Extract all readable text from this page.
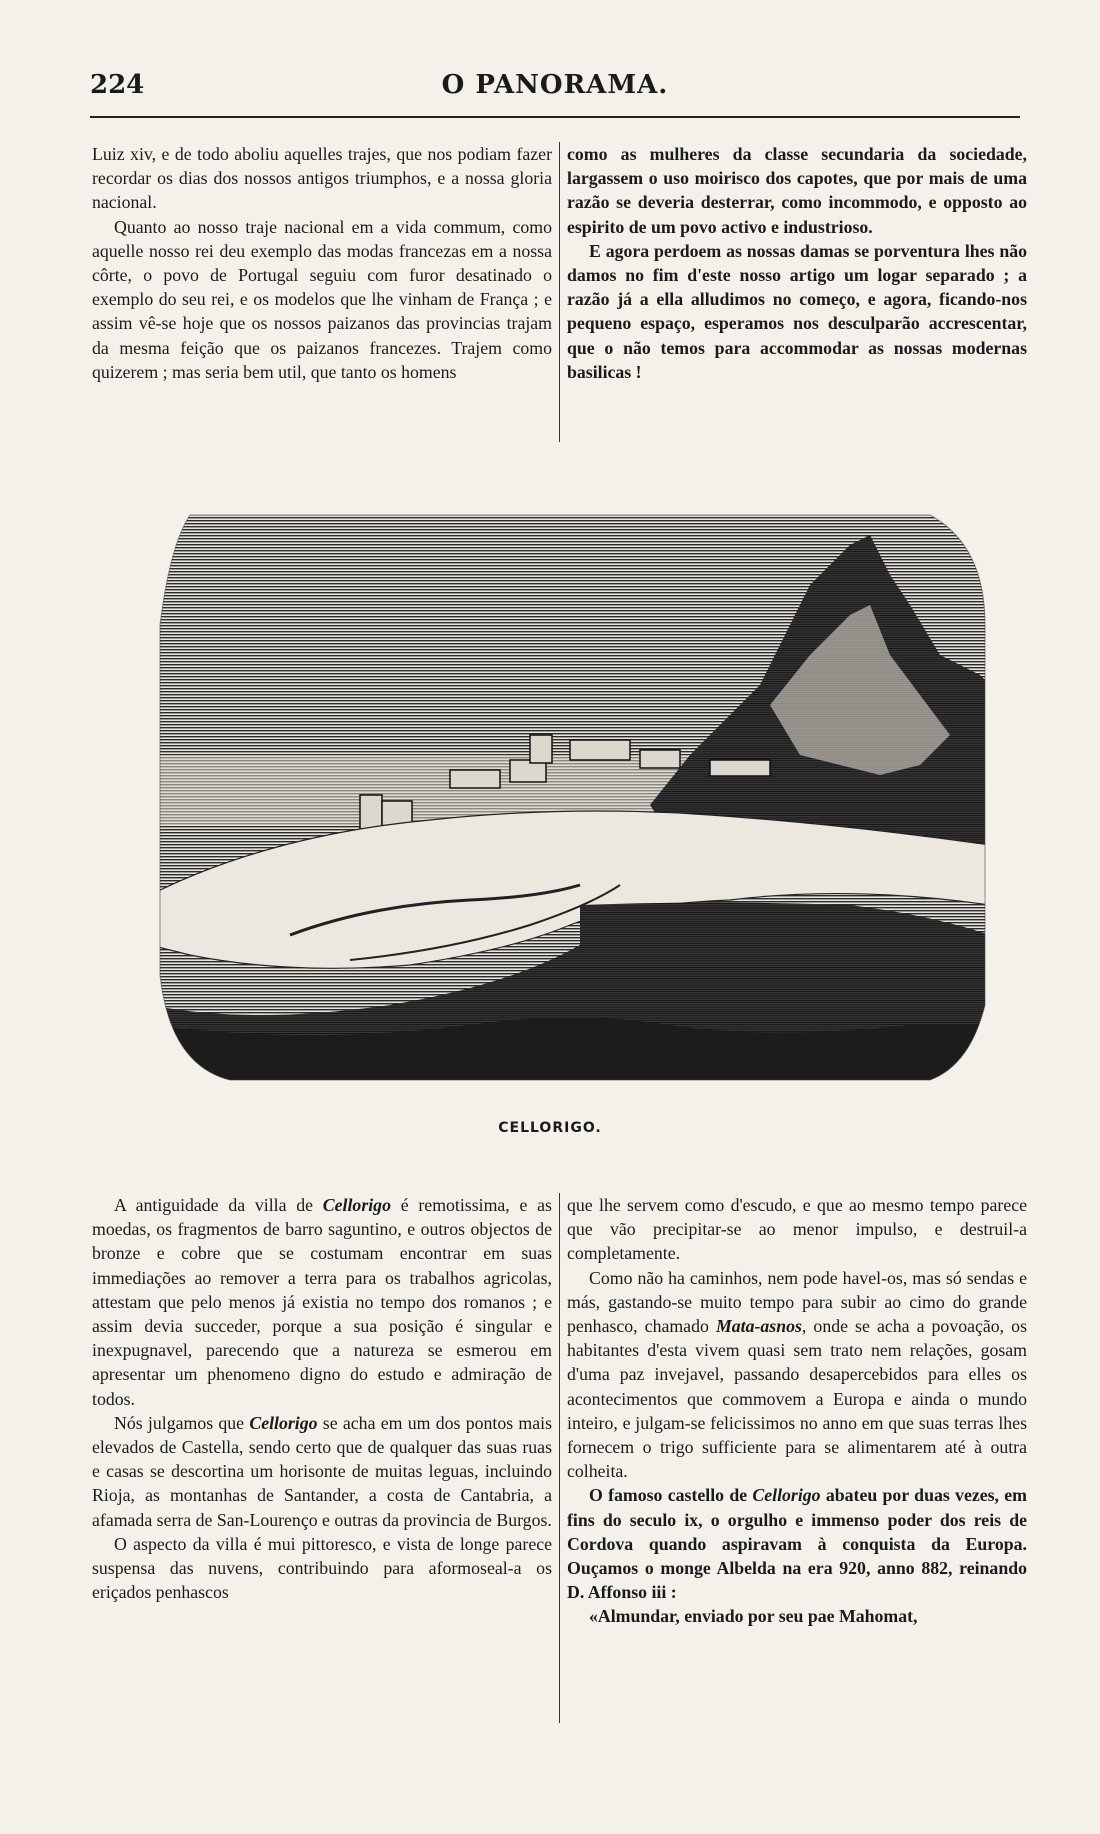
224	O PANORAMA.

Luiz xiv, e de todo aboliu aquelles trajes, que nos podiam fazer recordar os dias dos nossos antigos triumphos, e a nossa gloria nacional.

Quanto ao nosso traje nacional em a vida commum, como aquelle nosso rei deu exemplo das modas francezas em a nossa côrte, o povo de Portugal seguiu com furor desatinado o exemplo do seu rei, e os modelos que lhe vinham de França ; e assim vê-se hoje que os nossos paizanos das provincias trajam da mesma feição que os paizanos francezes. Trajem como quizerem ; mas seria bem util, que tanto os homens

como as mulheres da classe secundaria da sociedade, largassem o uso moirisco dos capotes, que por mais de uma razão se deveria desterrar, como incommodo, e opposto ao espirito de um povo activo e industrioso.

E agora perdoem as nossas damas se porventura lhes não damos no fim d'este nosso artigo um logar separado ; a razão já a ella alludimos no começo, e agora, ficando-nos pequeno espaço, esperamos nos desculparão accrescentar, que o não temos para accommodar as nossas modernas basilicas !

CELLORIGO.

A antiguidade da villa de Cellorigo é remotissima, e as moedas, os fragmentos de barro saguntino, e outros objectos de bronze e cobre que se costumam encontrar em suas immediações ao remover a terra para os trabalhos agricolas, attestam que pelo menos já existia no tempo dos romanos ; e assim devia succeder, porque a sua posição é singular e inexpugnavel, parecendo que a natureza se esmerou em apresentar um phenomeno digno do estudo e admiração de todos.

Nós julgamos que Cellorigo se acha em um dos pontos mais elevados de Castella, sendo certo que de qualquer das suas ruas e casas se descortina um horisonte de muitas leguas, incluindo Rioja, as montanhas de Santander, a costa de Cantabria, a afamada serra de San-Lourenço e outras da provincia de Burgos.

O aspecto da villa é mui pittoresco, e vista de longe parece suspensa das nuvens, contribuindo para aformoseal-a os eriçados penhascos

que lhe servem como d'escudo, e que ao mesmo tempo parece que vão precipitar-se ao menor impulso, e destruil-a completamente.

Como não ha caminhos, nem pode havel-os, mas só sendas e más, gastando-se muito tempo para subir ao cimo do grande penhasco, chamado Mata-asnos, onde se acha a povoação, os habitantes d'esta vivem quasi sem trato nem relações, gosam d'uma paz invejavel, passando desapercebidos para elles os acontecimentos que commovem a Europa e ainda o mundo inteiro, e julgam-se felicissimos no anno em que suas terras lhes fornecem o trigo sufficiente para se alimentarem até à outra colheita.

O famoso castello de Cellorigo abateu por duas vezes, em fins do seculo ix, o orgulho e immenso poder dos reis de Cordova quando aspiravam à conquista da Europa. Ouçamos o monge Albelda na era 920, anno 882, reinando D. Affonso iii :

«Almundar, enviado por seu pae Mahomat,
